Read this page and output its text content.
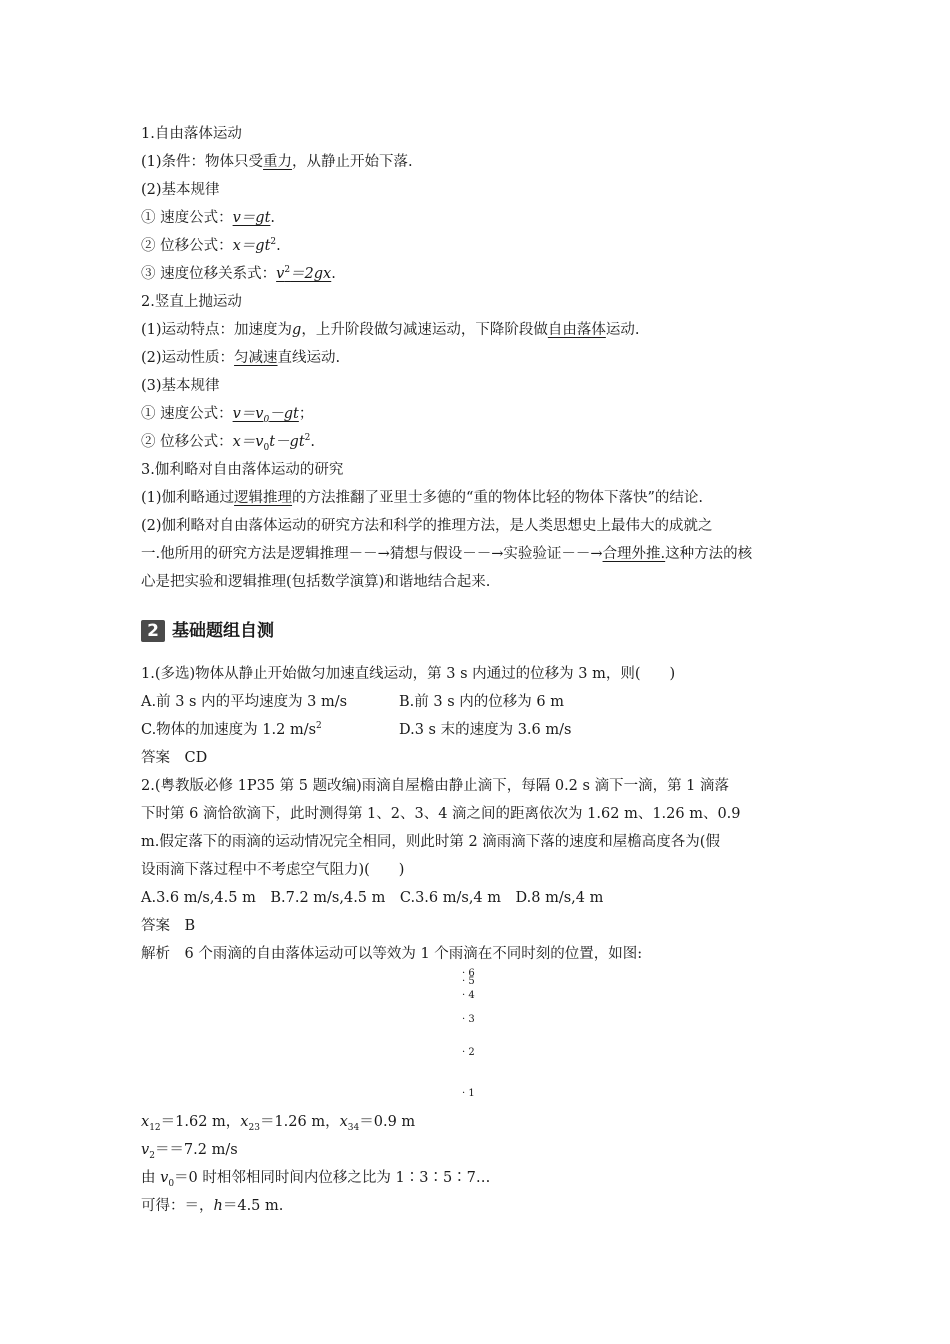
1.自由落体运动
(1)条件：物体只受重力，从静止开始下落.
(2)基本规律
① 速度公式：v＝gt.
② 位移公式：$x=gt^2$.
③ 速度位移关系式：$v^2=2gx$.
2.竖直上抛运动
(1)运动特点：加速度为g，上升阶段做匀减速运动，下降阶段做自由落体运动.
(2)运动性质：匀减速直线运动.
(3)基本规律
① 速度公式：$v=v_0-gt$；
② 位移公式：$x=v_0t-gt^2$.
3.伽利略对自由落体运动的研究
(1)伽利略通过逻辑推理的方法推翻了亚里士多德的“重的物体比轻的物体下落快”的结论.
(2)伽利略对自由落体运动的研究方法和科学的推理方法，是人类思想史上最伟大的成就之
一.他所用的研究方法是逻辑推理－－→猜想与假设－－→实验验证－－→合理外推.这种方法的核
心是把实验和逻辑推理(包括数学演算)和谐地结合起来.
2 基础题组自测
1.(多选)物体从静止开始做匀加速直线运动，第 3 s 内通过的位移为 3 m，则(　　)
A.前 3 s 内的平均速度为 3 m/s	B.前 3 s 内的位移为 6 m
C.物体的加速度为 1.2 $m/s^2$	D.3 s 末的速度为 3.6 m/s
答案　CD
2.(粤教版必修 1P35 第 5 题改编)雨滴自屋檐由静止滴下，每隔 0.2 s 滴下一滴，第 1 滴落
下时第 6 滴恰欲滴下，此时测得第 1、2、3、4 滴之间的距离依次为 1.62 m、1.26 m、0.9
m.假定落下的雨滴的运动情况完全相同，则此时第 2 滴雨滴下落的速度和屋檐高度各为(假
设雨滴下落过程中不考虑空气阻力)(　　)
A.3.6 m/s,4.5 m　B.7.2 m/s,4.5 m　C.3.6 m/s,4 m　D.8 m/s,4 m
答案　B
解析　6 个雨滴的自由落体运动可以等效为 1 个雨滴在不同时刻的位置，如图:
· 6
· 5
· 4
· 3
· 2
· 1
$x_{12}=1.62$ m，$x_{23}=1.26$ m，$x_{34}=0.9$ m
$v_2==7.2$ m/s
由 $v_0=0$ 时相邻相同时间内位移之比为 1∶3∶5∶7…
可得：＝，h＝4.5 m.
